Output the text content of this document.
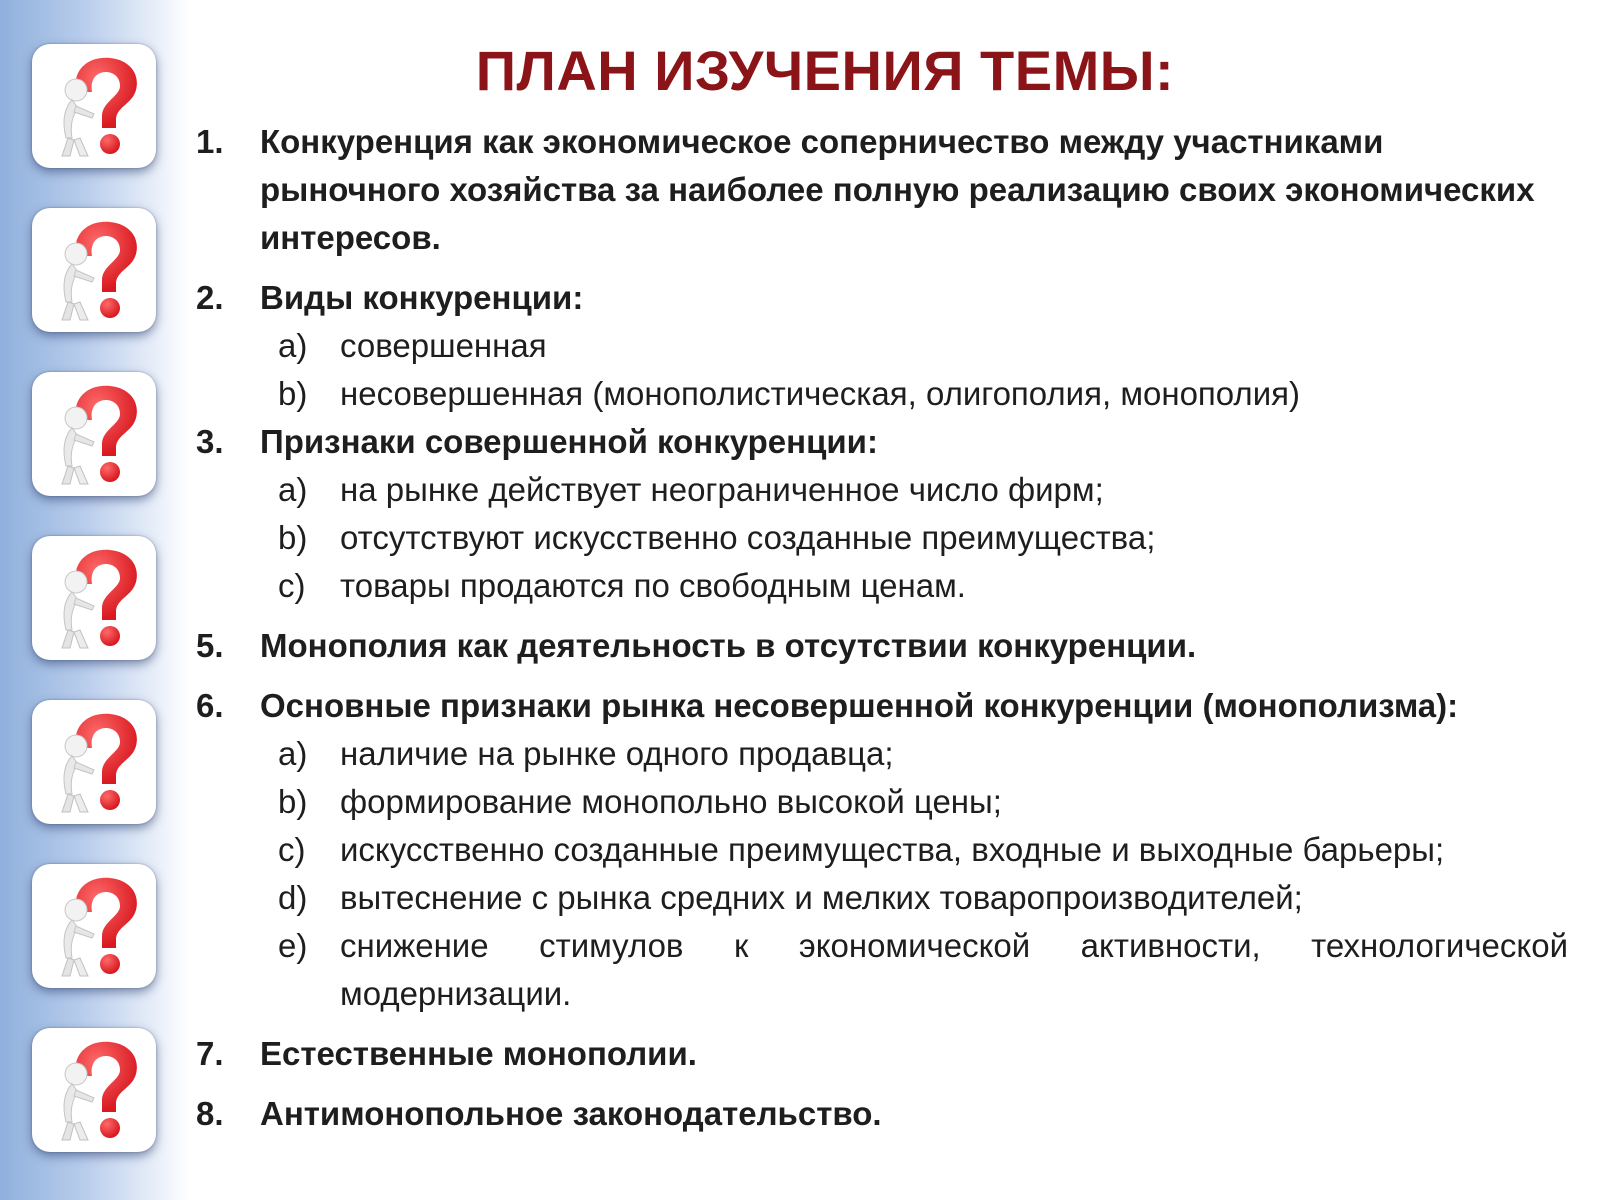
ПЛАН ИЗУЧЕНИЯ ТЕМЫ:
1.	Конкуренция как экономическое соперничество между участниками рыночного хозяйства за наиболее полную реализацию своих экономических интересов.
2.	Виды конкуренции:
a) совершенная
b) несовершенная (монополистическая, олигополия, монополия)
3.	Признаки совершенной конкуренции:
a) на рынке действует неограниченное число фирм;
b) отсутствуют искусственно созданные преимущества;
c)	товары продаются по свободным ценам.
5.	Монополия как деятельность в отсутствии конкуренции.
6.	Основные признаки рынка несовершенной конкуренции (монополизма):
a) наличие на рынке одного продавца;
b) формирование монопольно высокой цены;
c)	искусственно созданные преимущества, входные и выходные барьеры;
d) вытеснение с рынка средних и мелких товаропроизводителей;
e) снижение стимулов к экономической активности, технологической модернизации.
7.	Естественные монополии.
8.	Антимонопольное законодательство.
